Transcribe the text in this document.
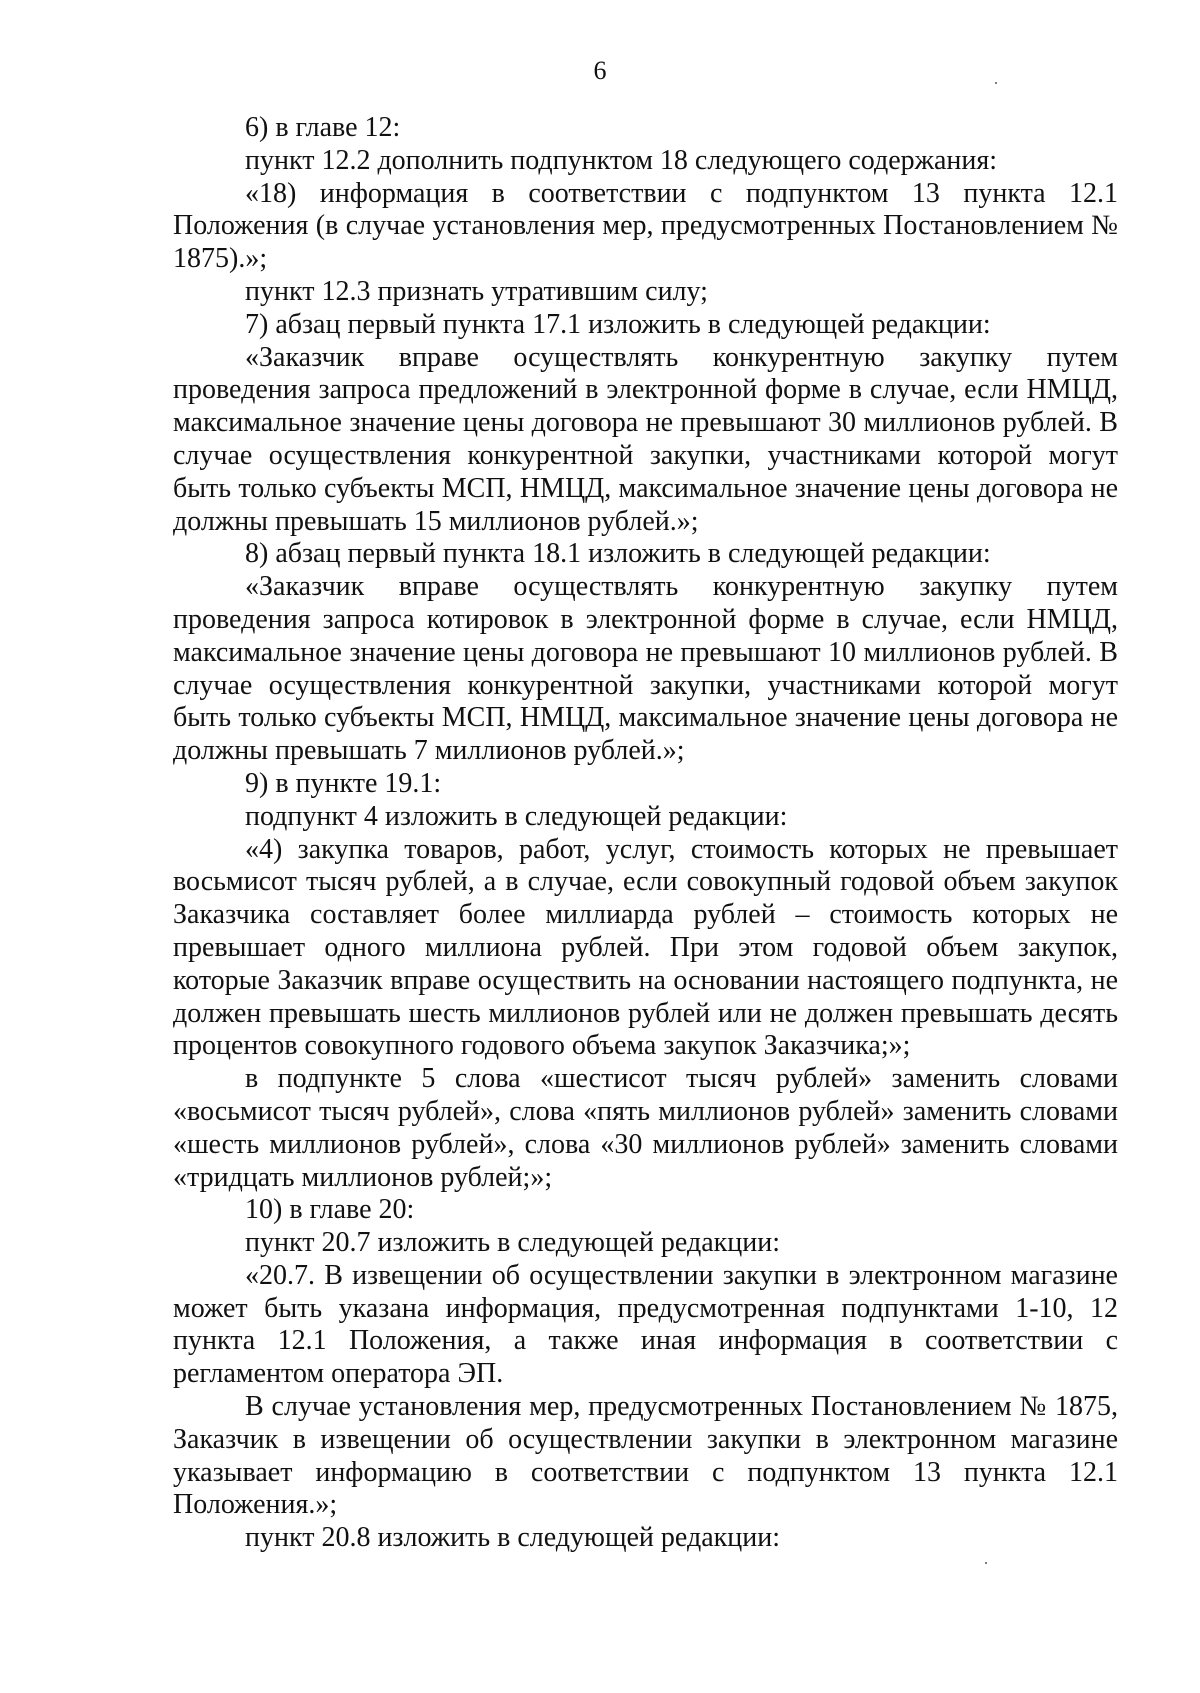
6

6) в главе 12:

пункт 12.2 дополнить подпунктом 18 следующего содержания:

«18) информация в соответствии с подпунктом 13 пункта 12.1 Положения (в случае установления мер, предусмотренных Постановлением № 1875).»;

пункт 12.3 признать утратившим силу;

7) абзац первый пункта 17.1 изложить в следующей редакции:

«Заказчик вправе осуществлять конкурентную закупку путем проведения запроса предложений в электронной форме в случае, если НМЦД, максимальное значение цены договора не превышают 30 миллионов рублей. В случае осуществления конкурентной закупки, участниками которой могут быть только субъекты МСП, НМЦД, максимальное значение цены договора не должны превышать 15 миллионов рублей.»;

8) абзац первый пункта 18.1 изложить в следующей редакции:

«Заказчик вправе осуществлять конкурентную закупку путем проведения запроса котировок в электронной форме в случае, если НМЦД, максимальное значение цены договора не превышают 10 миллионов рублей. В случае осуществления конкурентной закупки, участниками которой могут быть только субъекты МСП, НМЦД, максимальное значение цены договора не должны превышать 7 миллионов рублей.»;

9) в пункте 19.1:

подпункт 4 изложить в следующей редакции:

«4) закупка товаров, работ, услуг, стоимость которых не превышает восьмисот тысяч рублей, а в случае, если совокупный годовой объем закупок Заказчика составляет более миллиарда рублей – стоимость которых не превышает одного миллиона рублей. При этом годовой объем закупок, которые Заказчик вправе осуществить на основании настоящего подпункта, не должен превышать шесть миллионов рублей или не должен превышать десять процентов совокупного годового объема закупок Заказчика;»;

в подпункте 5 слова «шестисот тысяч рублей» заменить словами «восьмисот тысяч рублей», слова «пять миллионов рублей» заменить словами «шесть миллионов рублей», слова «30 миллионов рублей» заменить словами «тридцать миллионов рублей;»;

10) в главе 20:

пункт 20.7 изложить в следующей редакции:

«20.7. В извещении об осуществлении закупки в электронном магазине может быть указана информация, предусмотренная подпунктами 1-10, 12 пункта 12.1 Положения, а также иная информация в соответствии с регламентом оператора ЭП.

В случае установления мер, предусмотренных Постановлением № 1875, Заказчик в извещении об осуществлении закупки в электронном магазине указывает информацию в соответствии с подпунктом 13 пункта 12.1 Положения.»;

пункт 20.8 изложить в следующей редакции:
